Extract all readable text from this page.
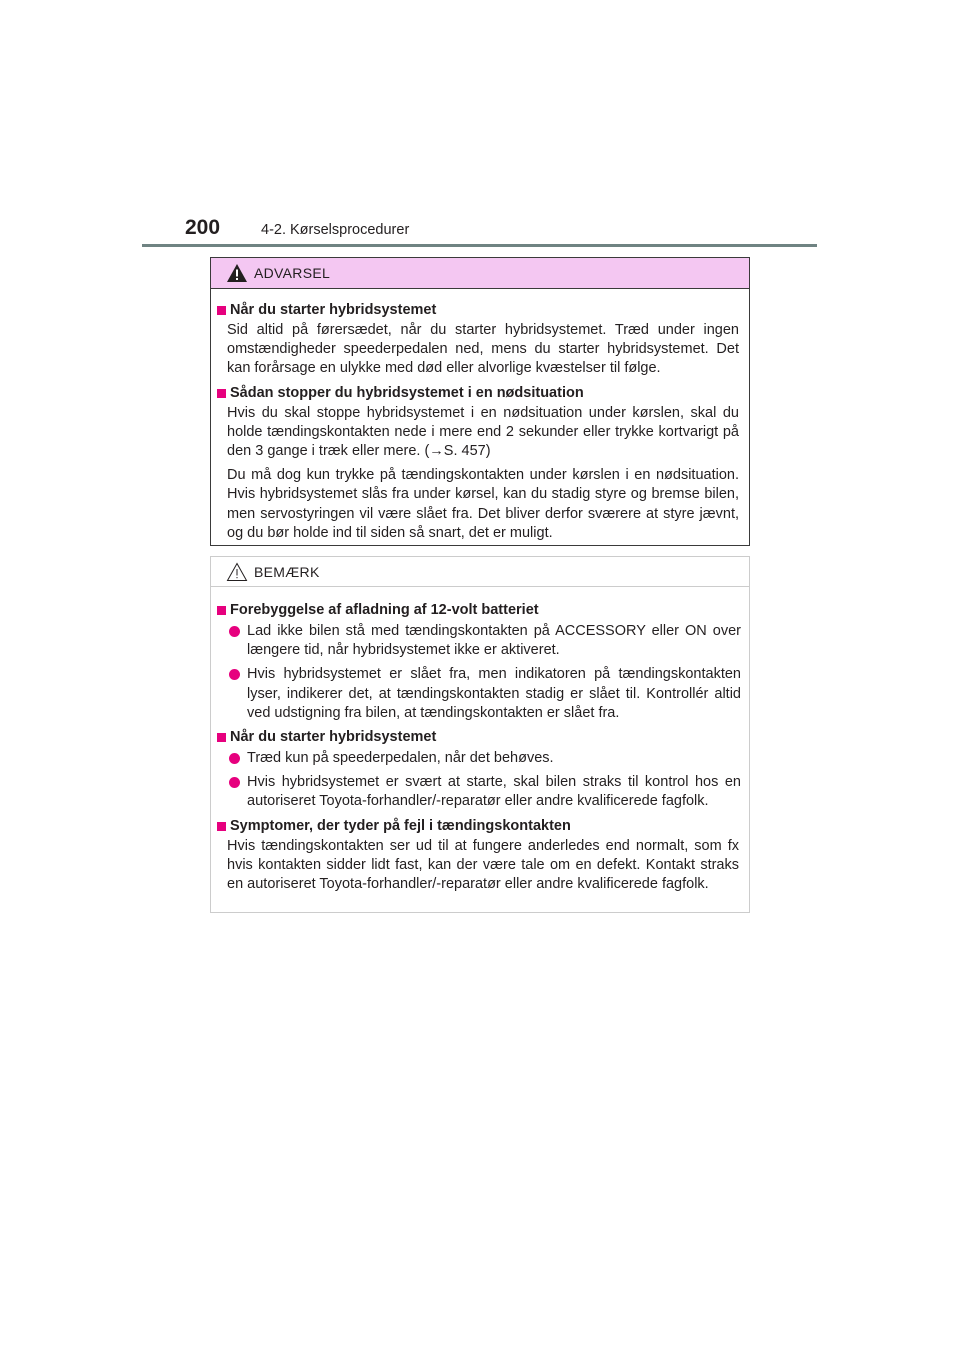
200	4-2. Kørselsprocedurer
ADVARSEL
Når du starter hybridsystemet
Sid altid på førersædet, når du starter hybridsystemet. Træd under ingen omstændigheder speederpedalen ned, mens du starter hybridsystemet. Det kan forårsage en ulykke med død eller alvorlige kvæstelser til følge.
Sådan stopper du hybridsystemet i en nødsituation
Hvis du skal stoppe hybridsystemet i en nødsituation under kørslen, skal du holde tændingskontakten nede i mere end 2 sekunder eller trykke kortvarigt på den 3 gange i træk eller mere. (→S. 457)
Du må dog kun trykke på tændingskontakten under kørslen i en nødsituation. Hvis hybridsystemet slås fra under kørsel, kan du stadig styre og bremse bilen, men servostyringen vil være slået fra. Det bliver derfor sværere at styre jævnt, og du bør holde ind til siden så snart, det er muligt.
BEMÆRK
Forebyggelse af afladning af 12-volt batteriet
Lad ikke bilen stå med tændingskontakten på ACCESSORY eller ON over længere tid, når hybridsystemet ikke er aktiveret.
Hvis hybridsystemet er slået fra, men indikatoren på tændingskontakten lyser, indikerer det, at tændingskontakten stadig er slået til. Kontrollér altid ved udstigning fra bilen, at tændingskontakten er slået fra.
Når du starter hybridsystemet
Træd kun på speederpedalen, når det behøves.
Hvis hybridsystemet er svært at starte, skal bilen straks til kontrol hos en autoriseret Toyota-forhandler/-reparatør eller andre kvalificerede fagfolk.
Symptomer, der tyder på fejl i tændingskontakten
Hvis tændingskontakten ser ud til at fungere anderledes end normalt, som fx hvis kontakten sidder lidt fast, kan der være tale om en defekt. Kontakt straks en autoriseret Toyota-forhandler/-reparatør eller andre kvalificerede fagfolk.
